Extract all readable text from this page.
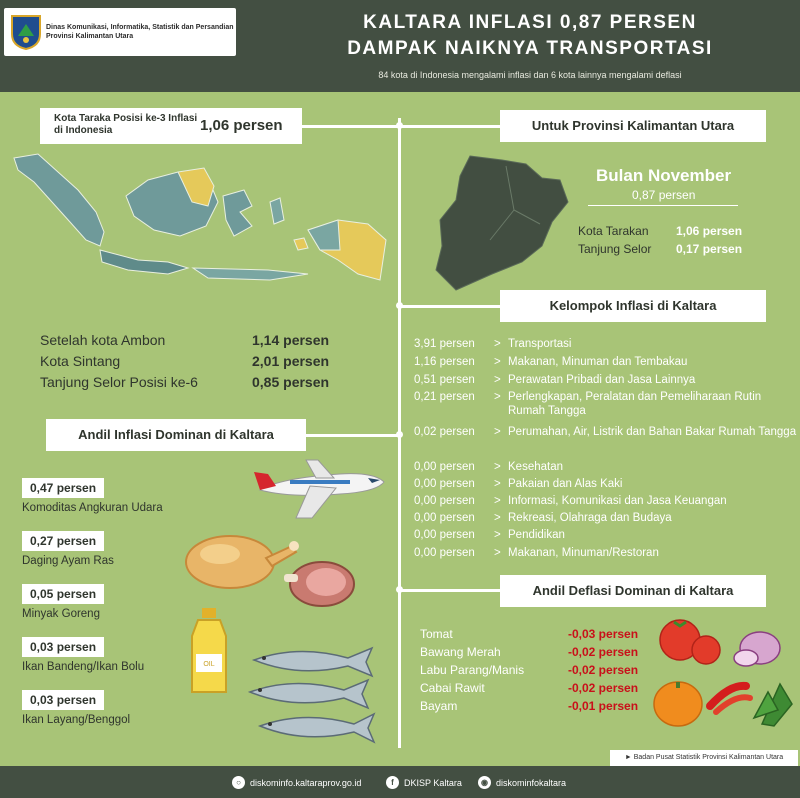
Dinas Komunikasi, Informatika, Statistik dan Persandian Provinsi Kalimantan Utara
KALTARA INFLASI 0,87 PERSEN
DAMPAK NAIKNYA TRANSPORTASI
84 kota di Indonesia mengalami inflasi dan 6 kota lainnya mengalami deflasi
Kota Taraka Posisi ke-3 Inflasi di Indonesia	1,06 persen
Setelah kota Ambon	1,14 persen
Kota Sintang	2,01 persen
Tanjung Selor Posisi ke-6	0,85 persen
Andil Inflasi Dominan di Kaltara
0,47 persen
Komoditas Angkuran Udara
0,27 persen
Daging Ayam Ras
0,05 persen
Minyak Goreng
0,03 persen
Ikan Bandeng/Ikan Bolu
0,03 persen
Ikan Layang/Benggol
OIL
Untuk Provinsi Kalimantan Utara
Bulan November
0,87 persen
Kota Tarakan 1,06 persen
Tanjung Selor 0,17 persen
Kelompok Inflasi di Kaltara
3,91 persen	> Transportasi
1,16 persen	> Makanan, Minuman dan Tembakau
0,51 persen	> Perawatan Pribadi dan Jasa Lainnya
0,21 persen	> Perlengkapan, Peralatan dan Pemeliharaan Rutin Rumah Tangga
0,02 persen	> Perumahan, Air, Listrik dan Bahan Bakar Rumah Tangga
0,00 persen	> Kesehatan
0,00 persen	> Pakaian dan Alas Kaki
0,00 persen	> Informasi, Komunikasi dan Jasa Keuangan
0,00 persen	> Rekreasi, Olahraga dan Budaya
0,00 persen	> Pendidikan
0,00 persen	> Makanan, Minuman/Restoran
Andil Deflasi Dominan di Kaltara
Tomat	-0,03 persen
Bawang Merah	-0,02 persen
Labu Parang/Manis	-0,02 persen
Cabai Rawit	-0,02 persen
Bayam	-0,01 persen
► Badan Pusat Statistik Provinsi Kalimantan Utara
○	diskominfo.kaltaraprov.go.id	f	DKISP Kaltara	◉ diskominfokaltara
